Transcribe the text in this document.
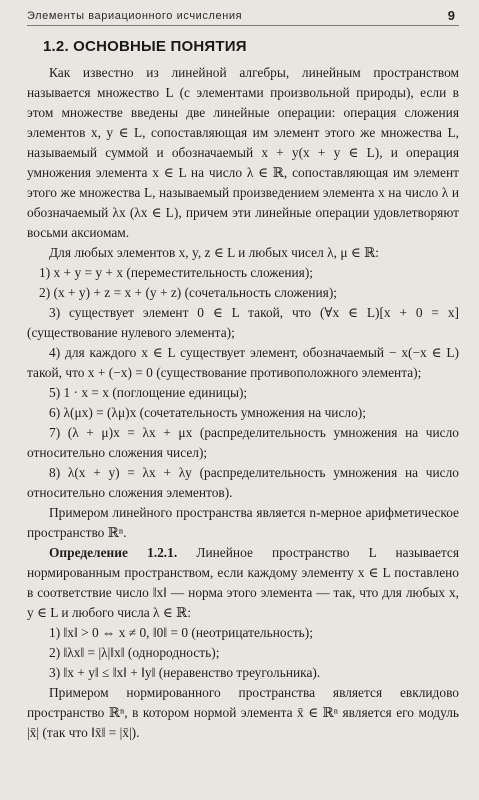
Элементы вариационного исчисления	9
1.2. ОСНОВНЫЕ ПОНЯТИЯ

Как известно из линейной алгебры, линейным пространством называется множество L (с элементами произвольной природы), если в этом множестве введены две линейные операции: операция сложения элементов x, y ∈ L, сопоставляющая им элемент этого же множества L, называемый суммой и обозначаемый x + y(x + y ∈ L), и операция умножения элемента x ∈ L на число λ ∈ ℝ, сопоставляющая им элемент этого же множества L, называемый произведением элемента x на число λ и обозначаемый λx (λx ∈ L), причем эти линейные операции удовлетворяют восьми аксиомам.

Для любых элементов x, y, z ∈ L и любых чисел λ, μ ∈ ℝ:

1) x + y = y + x (переместительность сложения);

2) (x + y) + z = x + (y + z) (сочетальность сложения);

3) существует элемент 0 ∈ L такой, что (∀x ∈ L)[x + 0 = x] (существование нулевого элемента);

4) для каждого x ∈ L существует элемент, обозначаемый − x(−x ∈ L) такой, что x + (−x) = 0 (существование противоположного элемента);

5) 1 · x = x (поглощение единицы);

6) λ(μx) = (λμ)x (сочетательность умножения на число);

7) (λ + μ)x = λx + μx (распределительность умножения на число относительно сложения чисел);

8) λ(x + y) = λx + λy (распределительность умножения на число относительно сложения элементов).

Примером линейного пространства является n-мерное арифметическое пространство ℝⁿ.

Определение 1.2.1. Линейное пространство L называется нормированным пространством, если каждому элементу x ∈ L поставлено в соответствие число ‖x‖ — норма этого элемента — так, что для любых x, y ∈ L и любого числа λ ∈ ℝ:

1) ‖x‖ > 0 ⇔ x ≠ 0, ‖0‖ = 0 (неотрицательность);

2) ‖λx‖ = |λ|‖x‖ (однородность);

3) ‖x + y‖ ≤ ‖x‖ + ‖y‖ (неравенство треугольника).

Примером нормированного пространства является евклидово пространство ℝⁿ, в котором нормой элемента x̄ ∈ ℝⁿ является его модуль |x̄| (так что ‖x̄‖ = |x̄|).
